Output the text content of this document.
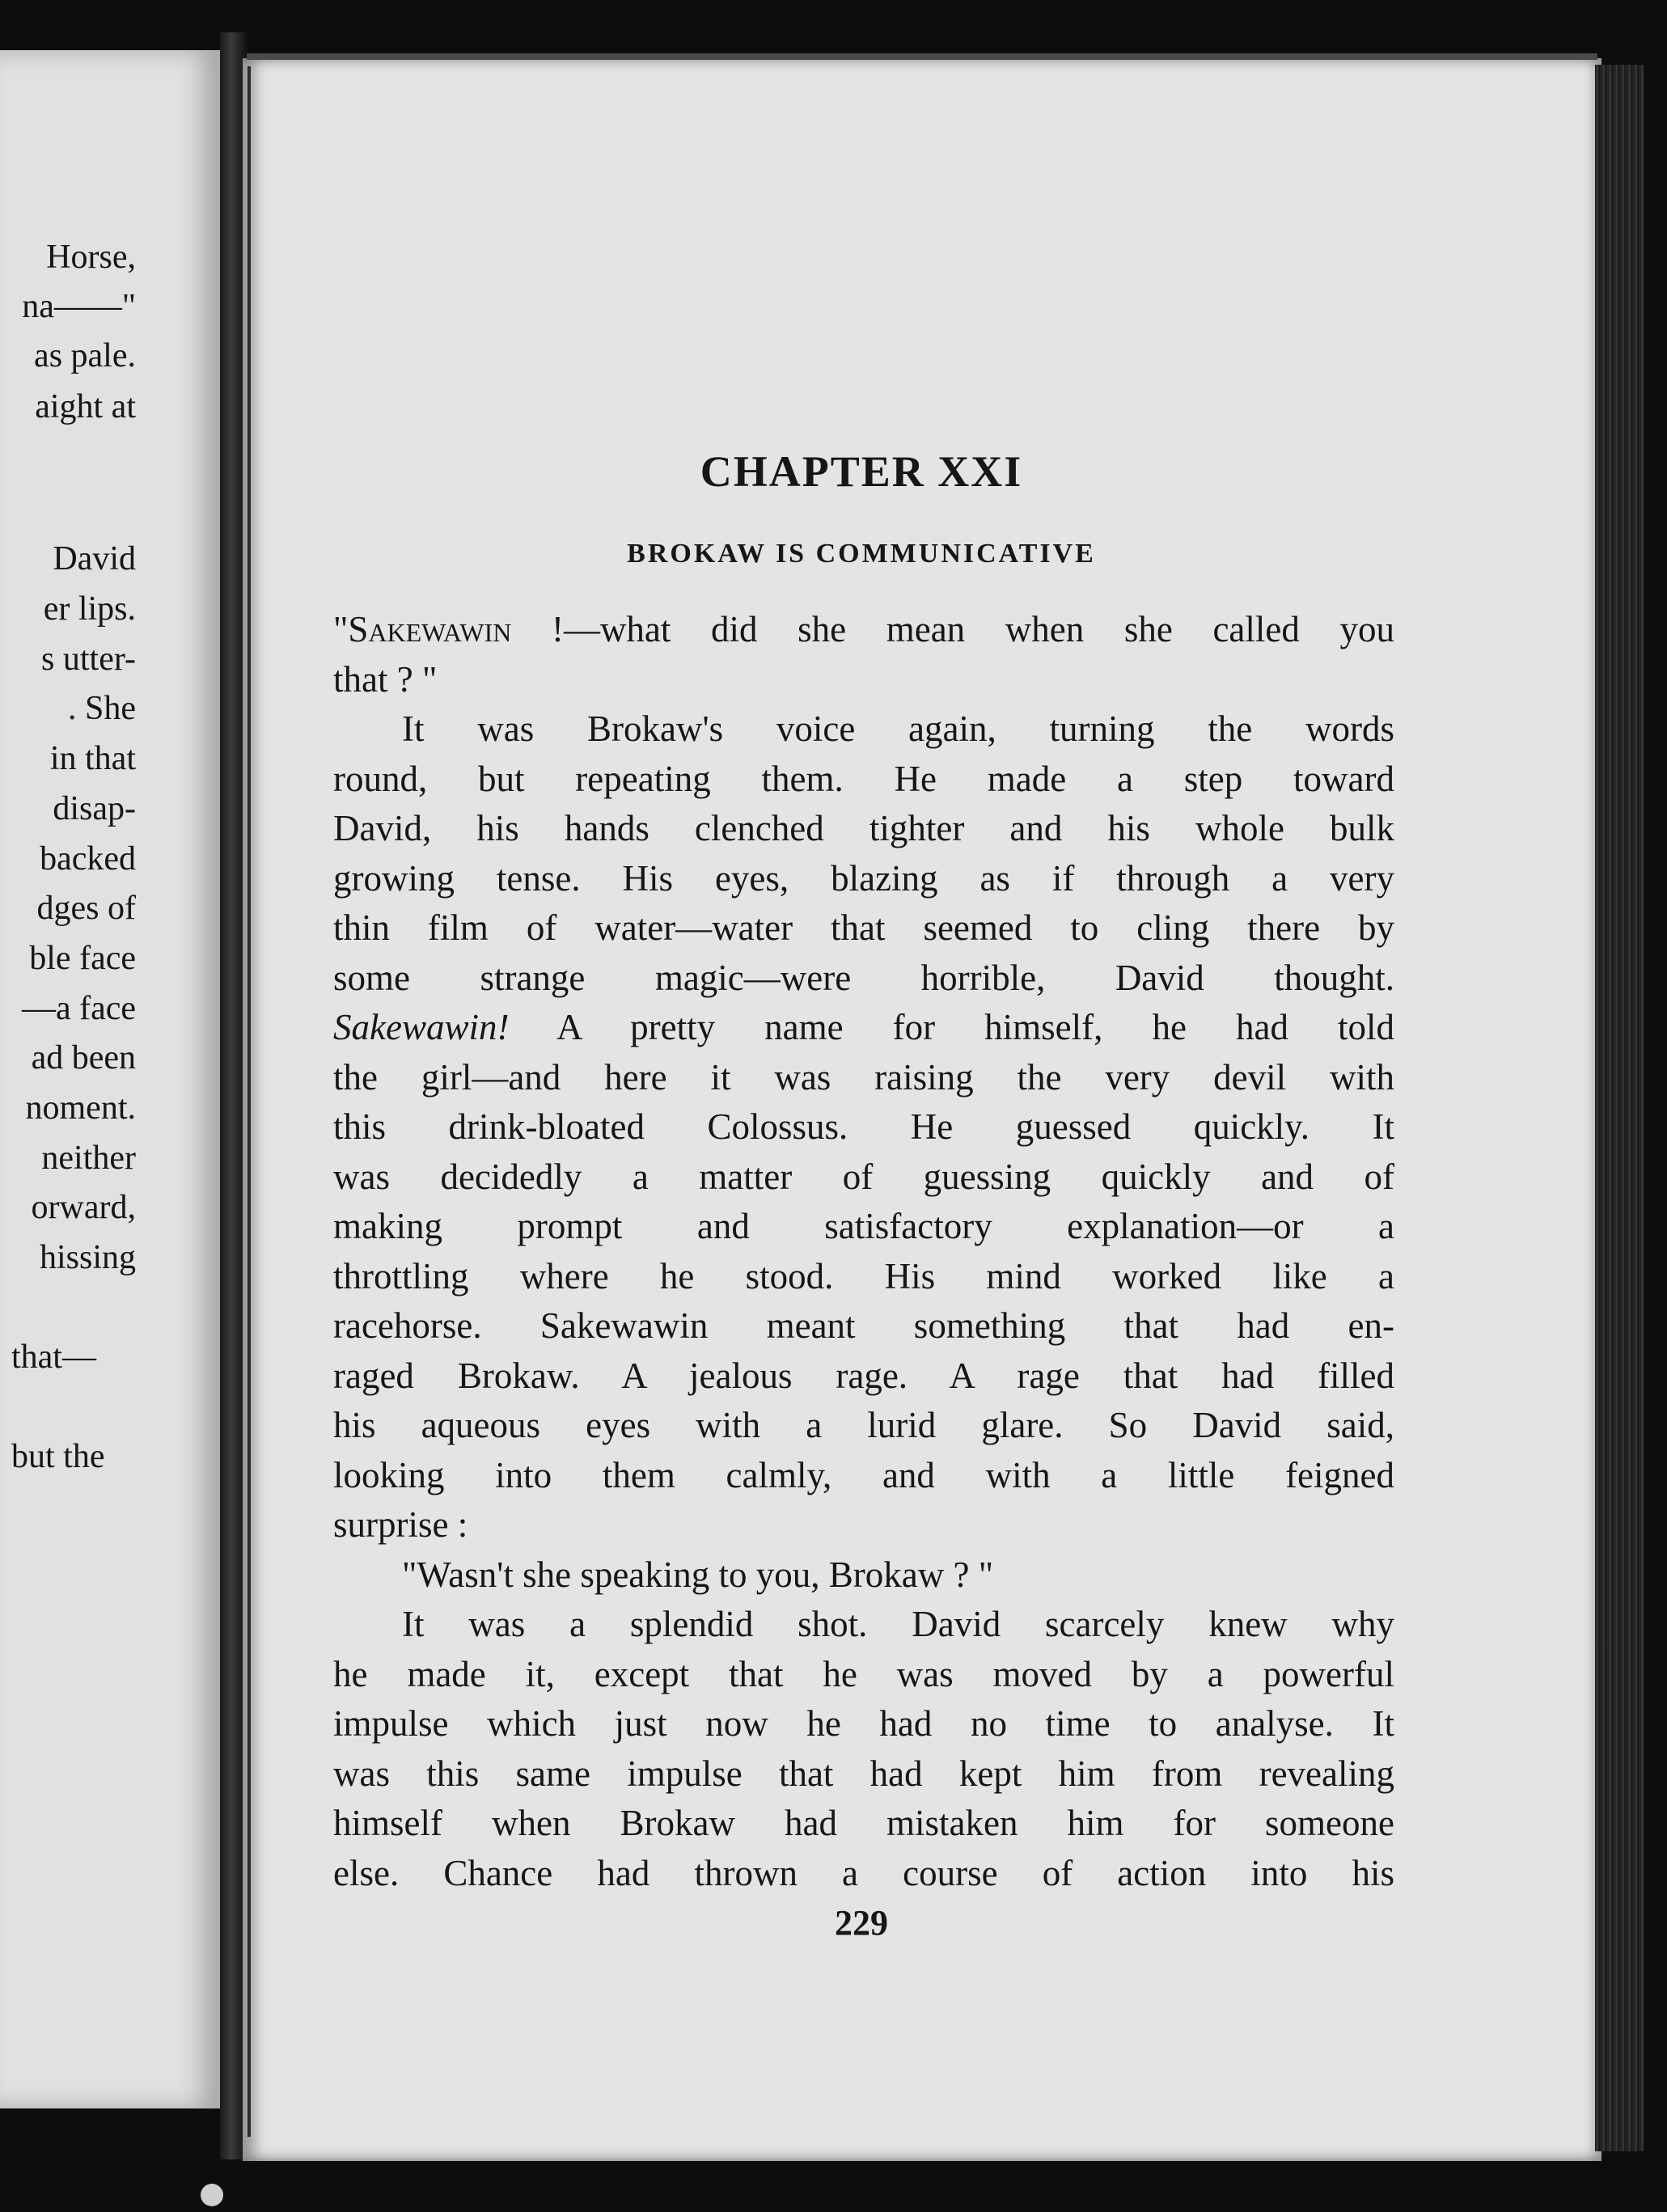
Horse,
na——"
as pale.
aight at
David
er lips.
s utter-
. She
in that
disap-
backed
dges of
ble face
—a face
ad been
noment.
neither
orward,
hissing
that—
but the
CHAPTER XXI
BROKAW IS COMMUNICATIVE
"Sakewawin !—what did she mean when she called you
that ? "
It was Brokaw's voice again, turning the words
round, but repeating them. He made a step toward
David, his hands clenched tighter and his whole bulk
growing tense. His eyes, blazing as if through a very
thin film of water—water that seemed to cling there by
some strange magic—were horrible, David thought.
Sakewawin! A pretty name for himself, he had told
the girl—and here it was raising the very devil with
this drink-bloated Colossus. He guessed quickly. It
was decidedly a matter of guessing quickly and of
making prompt and satisfactory explanation—or a
throttling where he stood. His mind worked like a
racehorse. Sakewawin meant something that had en-
raged Brokaw. A jealous rage. A rage that had filled
his aqueous eyes with a lurid glare. So David said,
looking into them calmly, and with a little feigned
surprise :
"Wasn't she speaking to you, Brokaw ? "
It was a splendid shot. David scarcely knew why
he made it, except that he was moved by a powerful
impulse which just now he had no time to analyse. It
was this same impulse that had kept him from revealing
himself when Brokaw had mistaken him for someone
else. Chance had thrown a course of action into his
229
